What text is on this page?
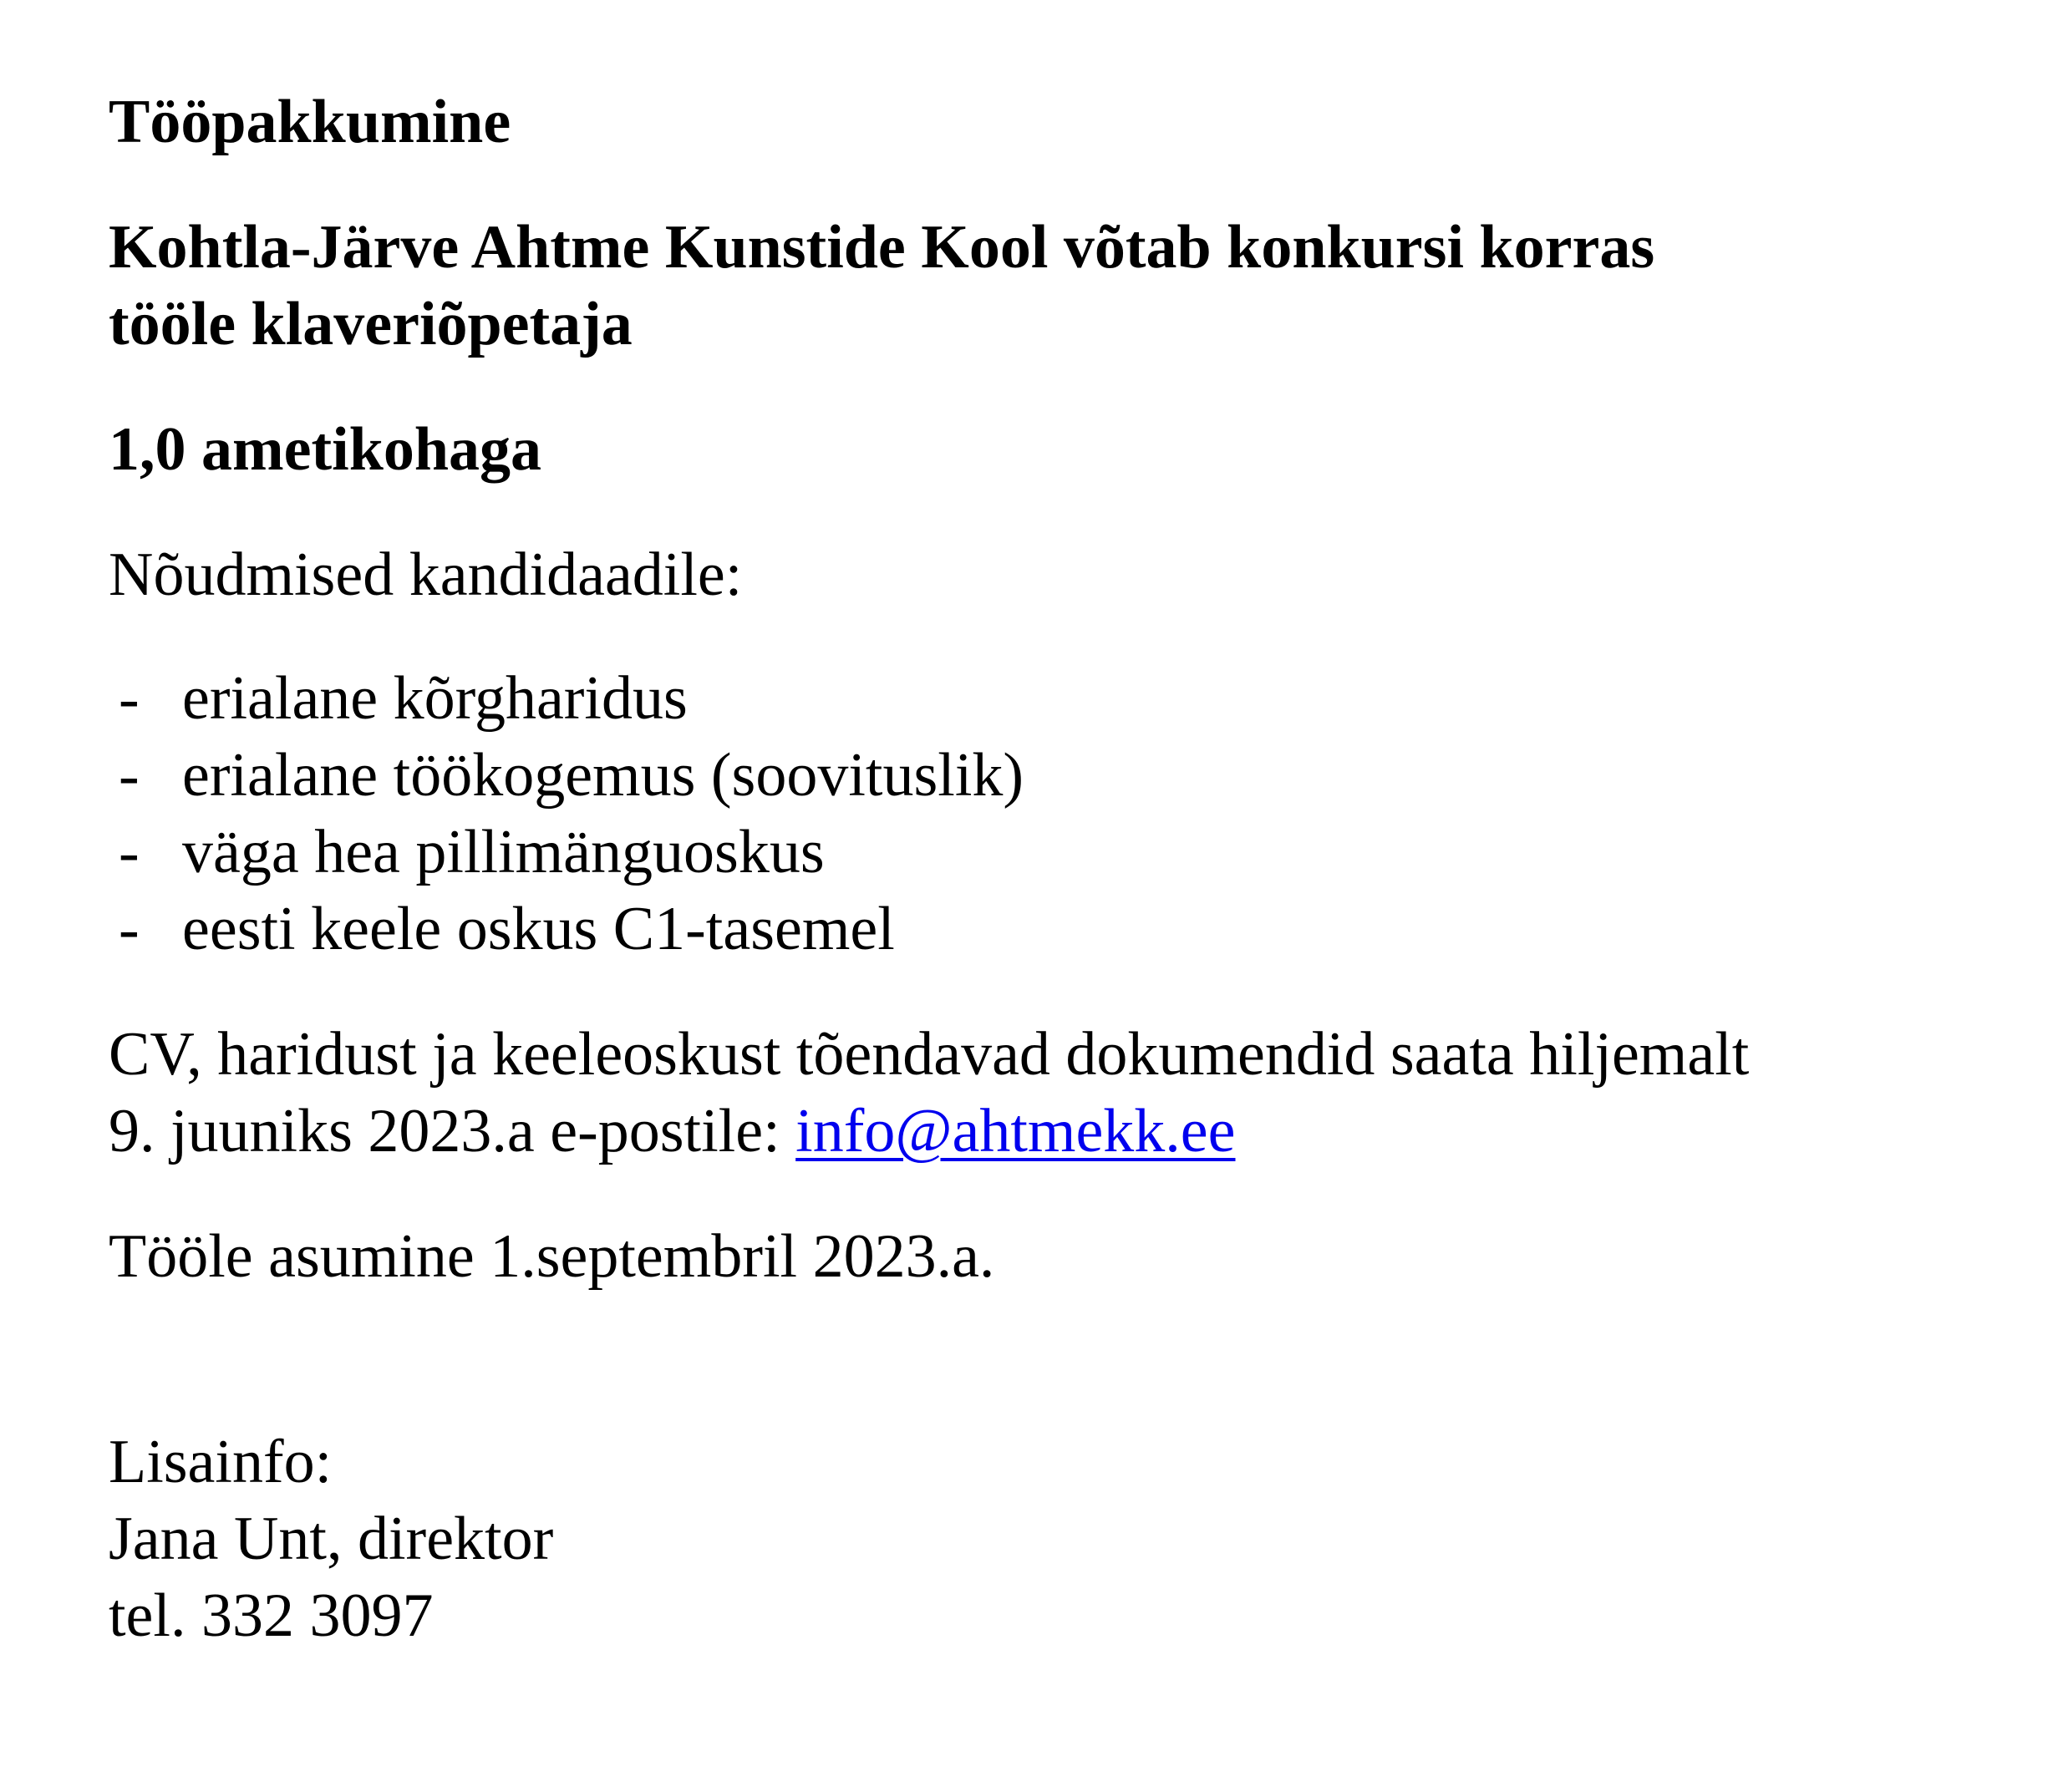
Tööpakkumine

Kohtla-Järve Ahtme Kunstide Kool võtab konkursi korras

tööle klaveriõpetaja

1,0 ametikohaga

Nõudmised kandidaadile:

- erialane kõrgharidus

- erialane töökogemus (soovituslik)

- väga hea pillimänguoskus

- eesti keele oskus C1-tasemel

CV, haridust ja keeleoskust tõendavad dokumendid saata hiljemalt

9. juuniks 2023.a e-postile: info@ahtmekk.ee

Tööle asumine 1.septembril 2023.a.

Lisainfo:

Jana Unt, direktor

tel. 332 3097
